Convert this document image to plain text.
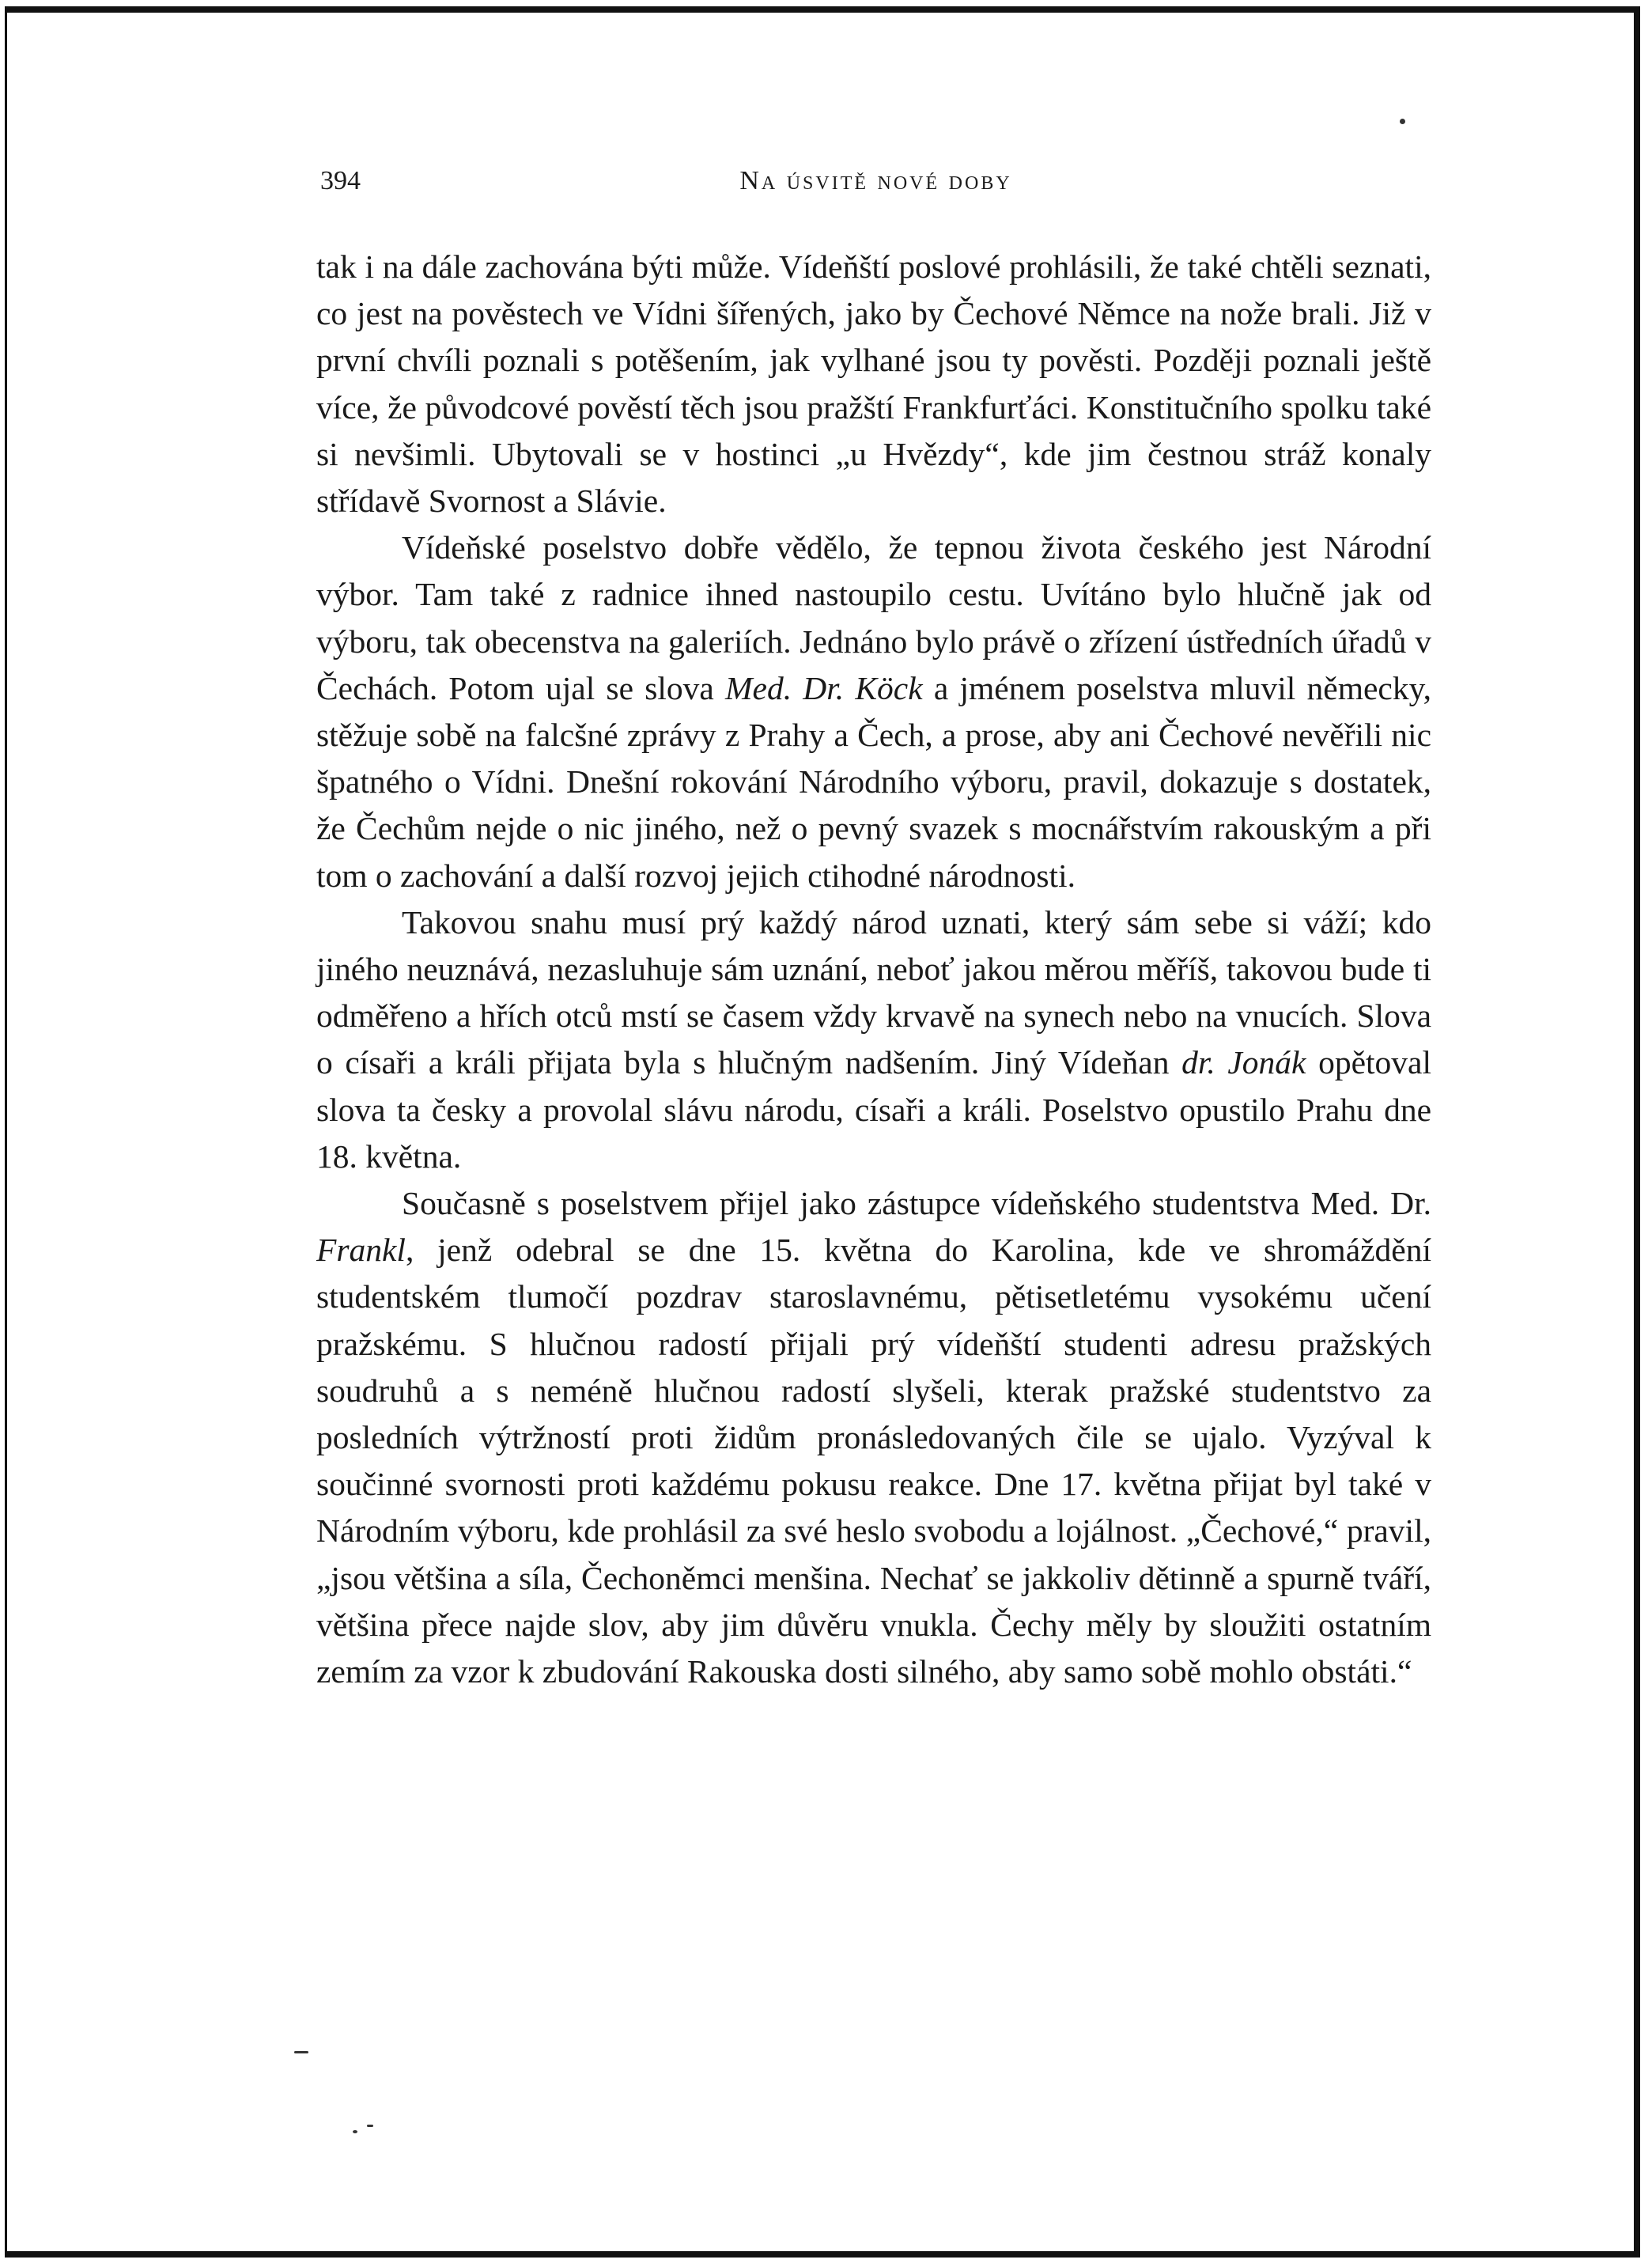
394	Na úsvitě nové doby

tak i na dále zachována býti může. Vídeňští poslové prohlásili, že také chtěli seznati, co jest na pověstech ve Vídni šířených, jako by Čechové Němce na nože brali. Již v první chvíli poznali s potěšením, jak vylhané jsou ty pověsti. Později poznali ještě více, že původcové pověstí těch jsou pražští Frankfurťáci. Konstitučního spolku také si nevšimli. Ubytovali se v hostinci „u Hvězdy“, kde jim čestnou stráž konaly střídavě Svornost a Slávie.

Vídeňské poselstvo dobře vědělo, že tepnou života českého jest Národní výbor. Tam také z radnice ihned nastoupilo cestu. Uvítáno bylo hlučně jak od výboru, tak obecenstva na galeriích. Jednáno bylo právě o zřízení ústředních úřadů v Čechách. Potom ujal se slova Med. Dr. Köck a jménem poselstva mluvil německy, stěžuje sobě na falcšné zprávy z Prahy a Čech, a prose, aby ani Čechové nevěřili nic špatného o Vídni. Dnešní rokování Národního výboru, pravil, dokazuje s dostatek, že Čechům nejde o nic jiného, než o pevný svazek s mocnářstvím rakouským a při tom o zachování a další rozvoj jejich ctihodné národnosti.

Takovou snahu musí prý každý národ uznati, který sám sebe si váží; kdo jiného neuznává, nezasluhuje sám uznání, neboť jakou měrou měříš, takovou bude ti odměřeno a hřích otců mstí se časem vždy krvavě na synech nebo na vnucích. Slova o císaři a králi přijata byla s hlučným nadšením. Jiný Vídeňan dr. Jonák opětoval slova ta česky a provolal slávu národu, císaři a králi. Poselstvo opustilo Prahu dne 18. května.

Současně s poselstvem přijel jako zástupce vídeňského studentstva Med. Dr. Frankl, jenž odebral se dne 15. května do Karolina, kde ve shromáždění studentském tlumočí pozdrav staroslavnému, pětisetletému vysokému učení pražskému. S hlučnou radostí přijali prý vídeňští studenti adresu pražských soudruhů a s neméně hlučnou radostí slyšeli, kterak pražské studentstvo za posledních výtržností proti židům pronásledovaných čile se ujalo. Vyzýval k součinné svornosti proti každému pokusu reakce. Dne 17. května přijat byl také v Národním výboru, kde prohlásil za své heslo svobodu a lojálnost. „Čechové,“ pravil, „jsou většina a síla, Čechoněmci menšina. Nechať se jakkoliv dětinně a spurně tváří, většina přece najde slov, aby jim důvěru vnukla. Čechy měly by sloužiti ostatním zemím za vzor k zbudování Rakouska dosti silného, aby samo sobě mohlo obstáti.“
